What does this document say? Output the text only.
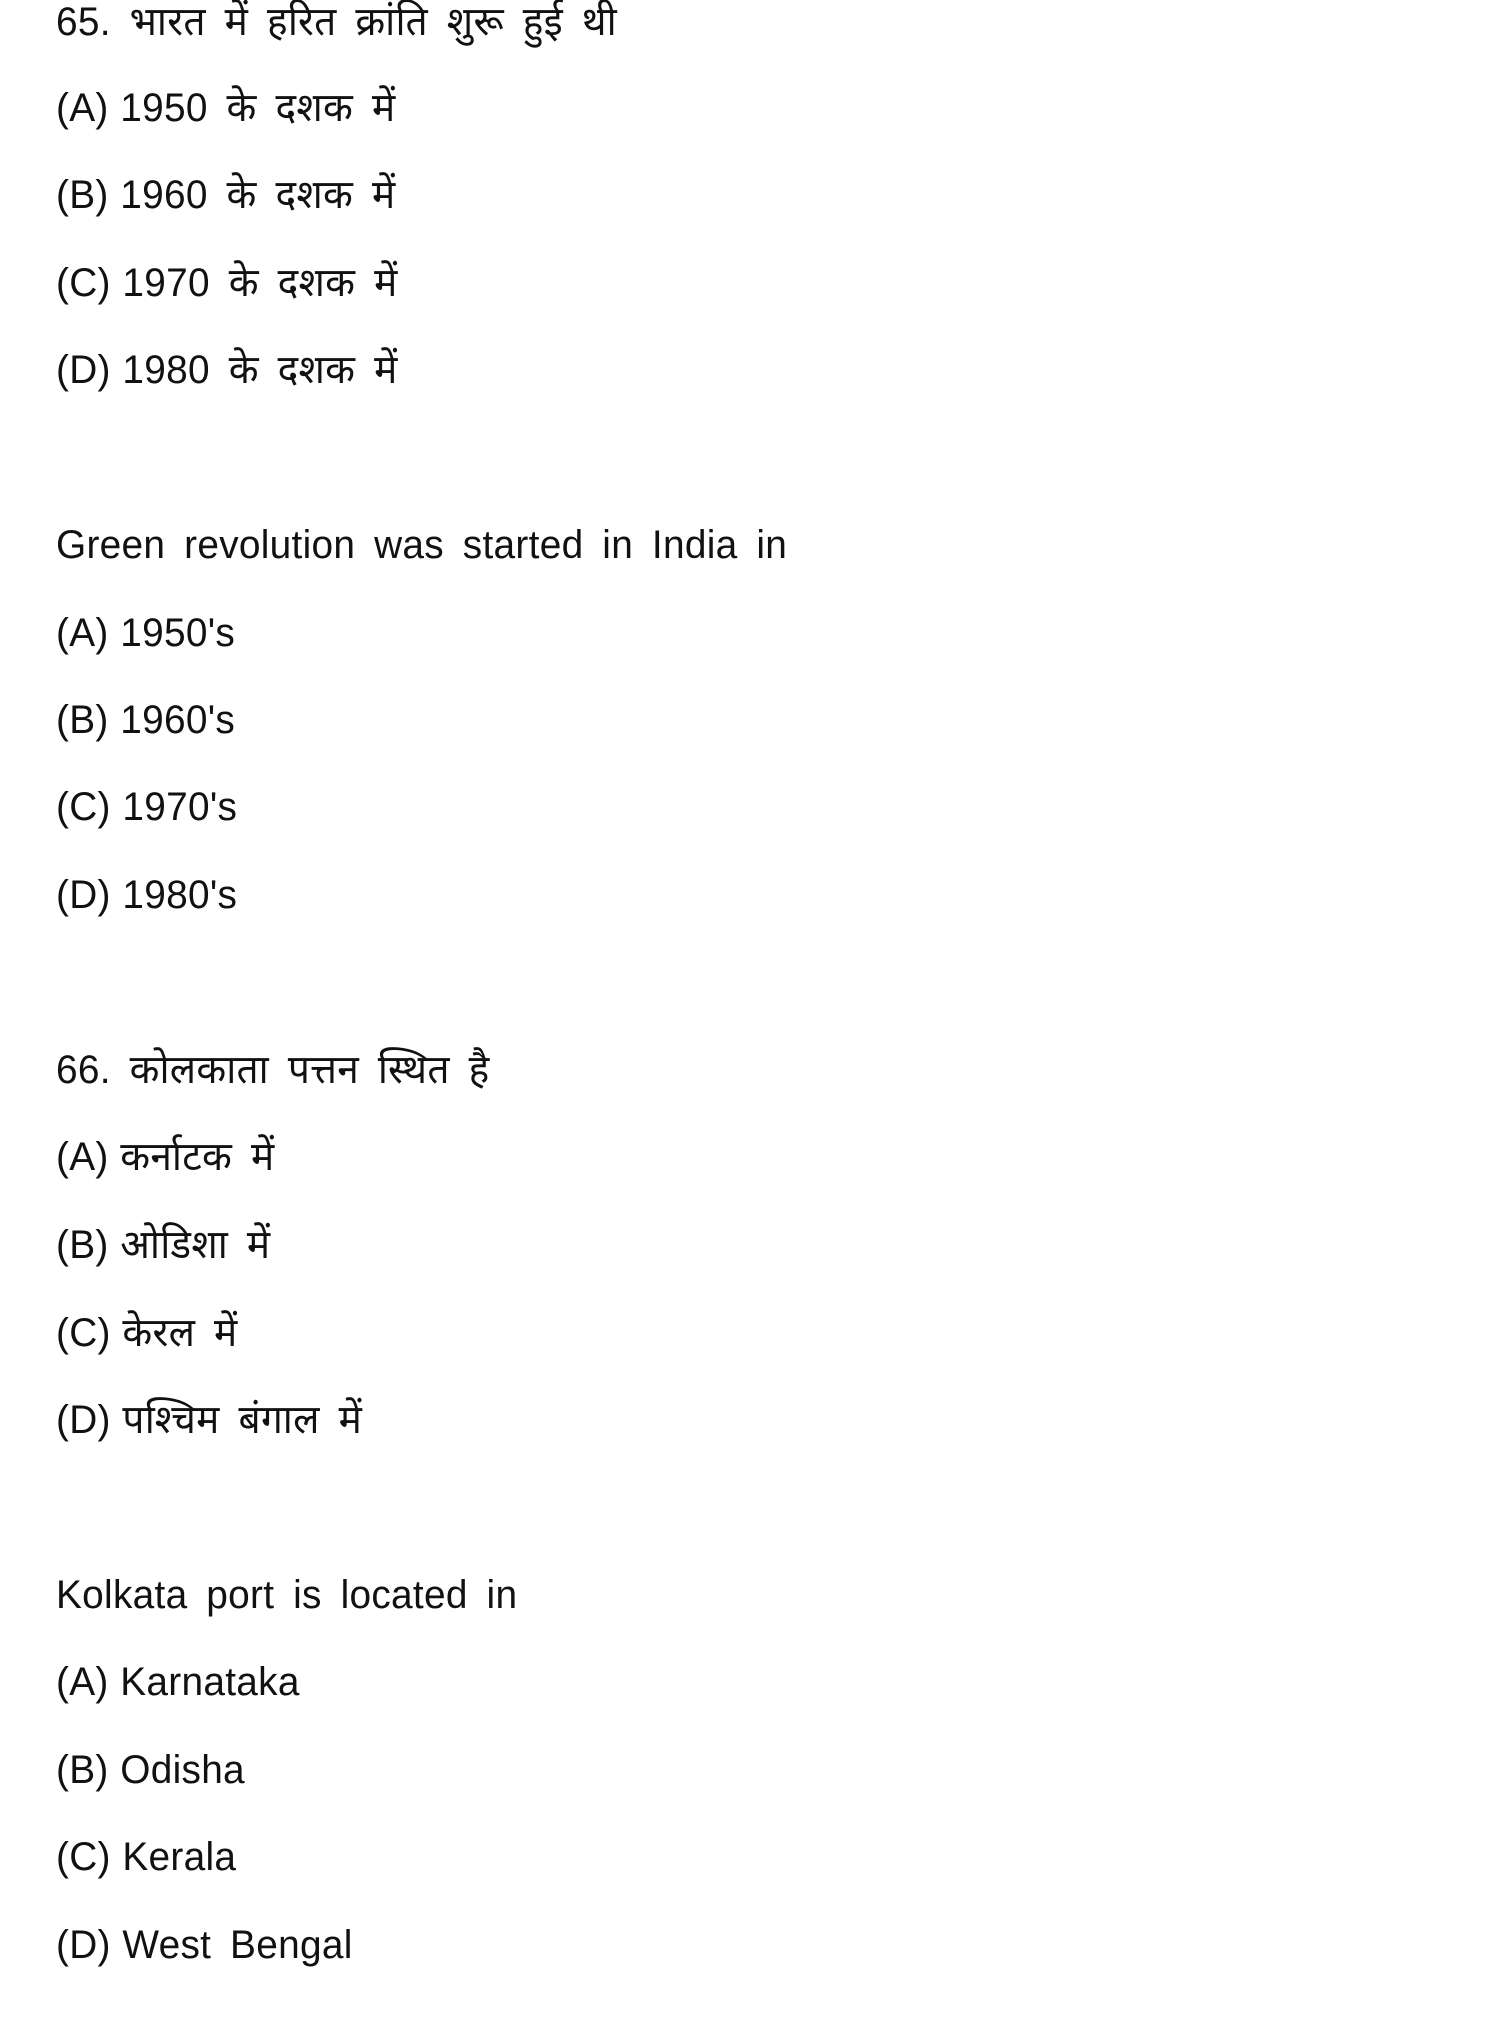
65. भारत में हरित क्रांति शुरू हुई थी
(A) 1950 के दशक में
(B) 1960 के दशक में
(C) 1970 के दशक में
(D) 1980 के दशक में
Green revolution was started in India in
(A) 1950's
(B) 1960's
(C) 1970's
(D) 1980's
66. कोलकाता पत्तन स्थित है
(A) कर्नाटक में
(B) ओडिशा में
(C) केरल में
(D) पश्चिम बंगाल में
Kolkata port is located in
(A) Karnataka
(B) Odisha
(C) Kerala
(D) West Bengal
